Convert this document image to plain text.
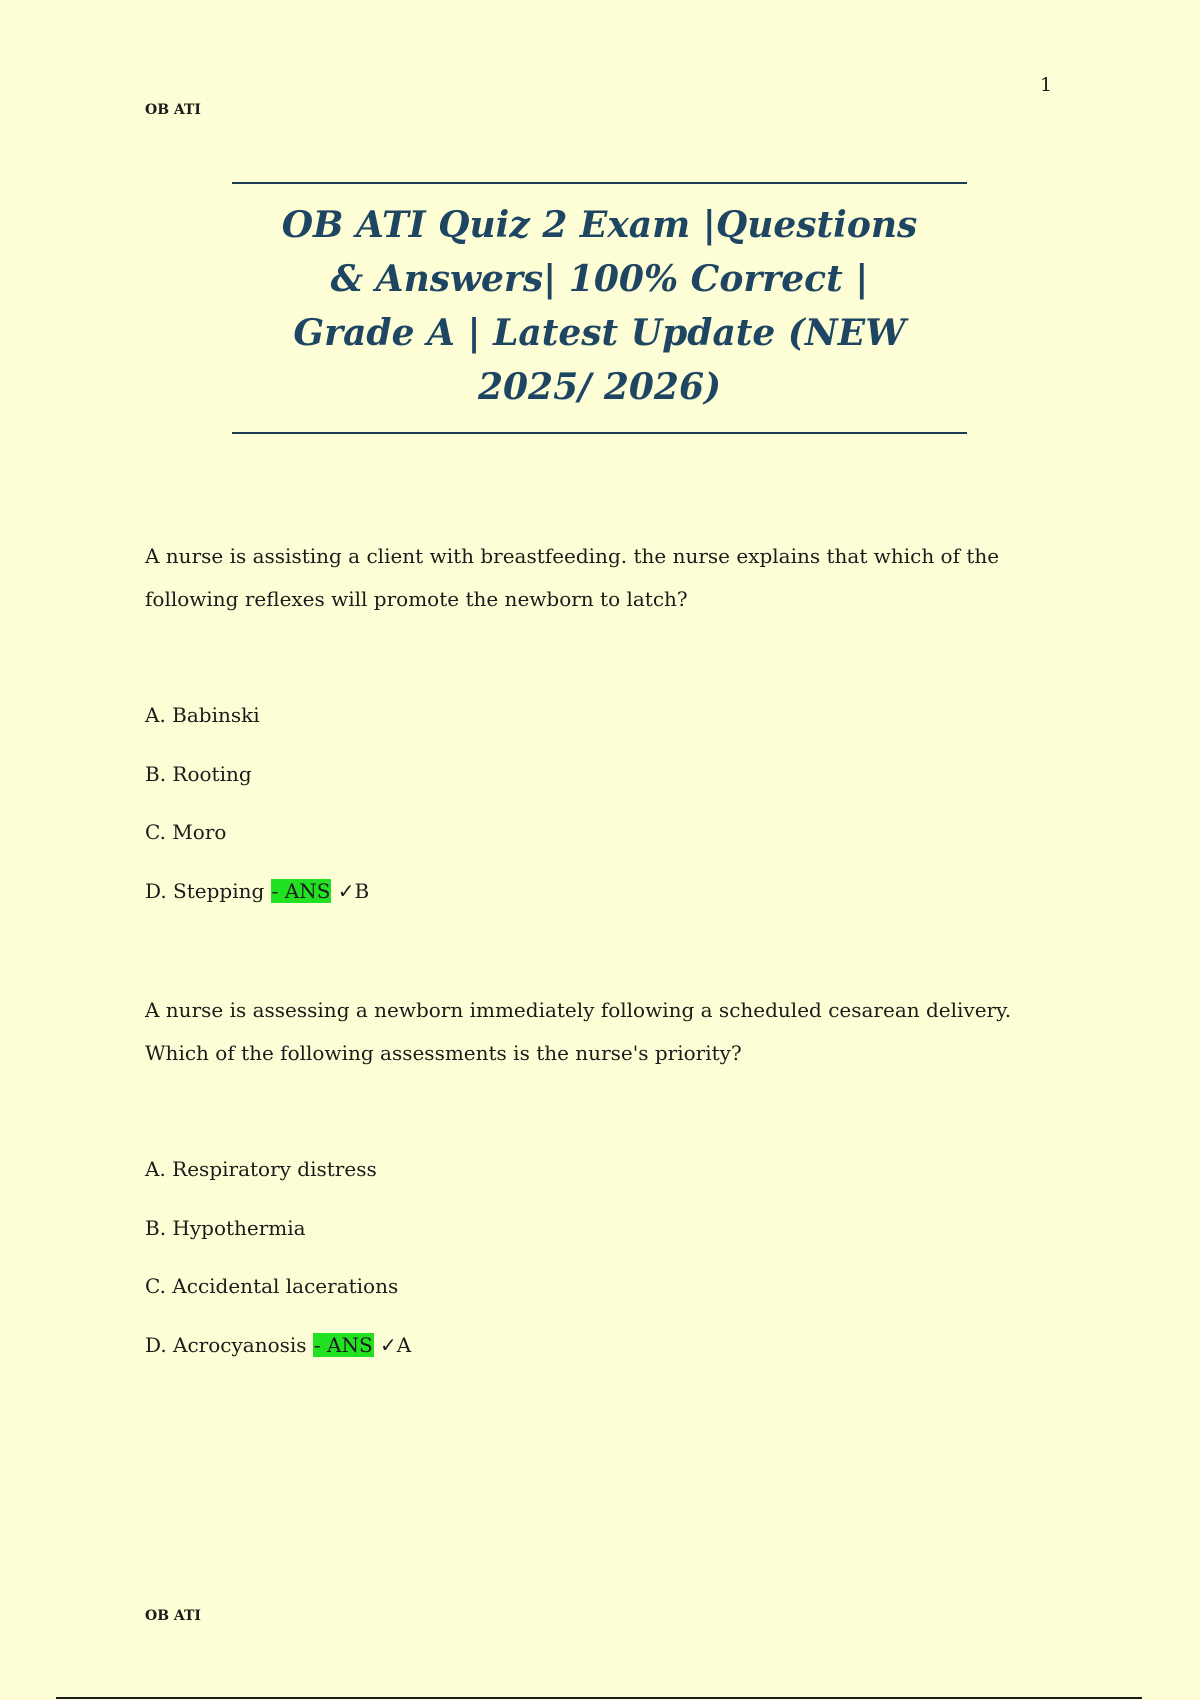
1
OB ATI
OB ATI Quiz 2 Exam |Questions & Answers| 100% Correct | Grade A | Latest Update (NEW 2025/ 2026)
A nurse is assisting a client with breastfeeding. the nurse explains that which of the following reflexes will promote the newborn to latch?
A. Babinski
B. Rooting
C. Moro
D. Stepping - ANS ✓B
A nurse is assessing a newborn immediately following a scheduled cesarean delivery. Which of the following assessments is the nurse's priority?
A. Respiratory distress
B. Hypothermia
C. Accidental lacerations
D. Acrocyanosis - ANS ✓A
OB ATI
